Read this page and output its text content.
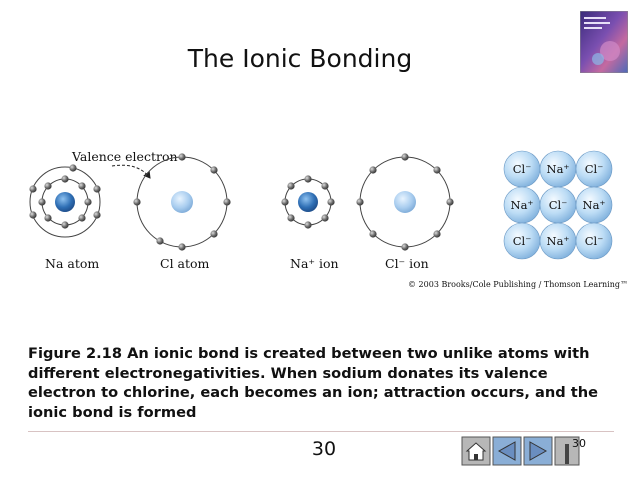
The Ionic Bonding
Valence electron
Na atom	Cl atom	Na⁺ ion	Cl⁻ ion
Cl⁻ Na⁺ Cl⁻
Na⁺ Cl⁻ Na⁺
Cl⁻ Na⁺ Cl⁻
© 2003 Brooks/Cole Publishing / Thomson Learning™
Figure 2.18 An ionic bond is created between two unlike atoms with different electronegativities. When sodium donates its valence electron to chlorine, each becomes an ion; attraction occurs, and the ionic bond is formed
30	30
